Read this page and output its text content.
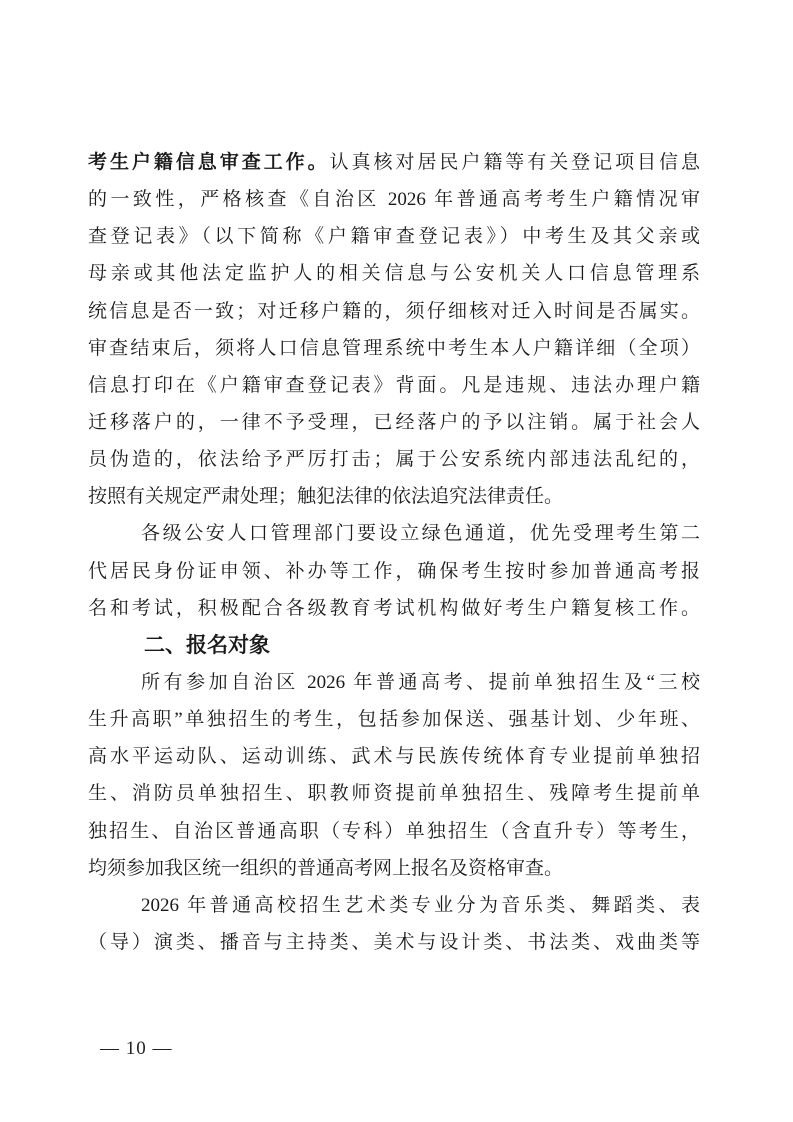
考生户籍信息审查工作。认真核对居民户籍等有关登记项目信息
的一致性，严格核查《自治区 2026 年普通高考考生户籍情况审
查登记表》（以下简称《户籍审查登记表》）中考生及其父亲或
母亲或其他法定监护人的相关信息与公安机关人口信息管理系
统信息是否一致；对迁移户籍的，须仔细核对迁入时间是否属实。
审查结束后，须将人口信息管理系统中考生本人户籍详细（全项）
信息打印在《户籍审查登记表》背面。凡是违规、违法办理户籍
迁移落户的，一律不予受理，已经落户的予以注销。属于社会人
员伪造的，依法给予严厉打击；属于公安系统内部违法乱纪的，
按照有关规定严肃处理；触犯法律的依法追究法律责任。
各级公安人口管理部门要设立绿色通道，优先受理考生第二
代居民身份证申领、补办等工作，确保考生按时参加普通高考报
名和考试，积极配合各级教育考试机构做好考生户籍复核工作。
二、报名对象
所有参加自治区 2026 年普通高考、提前单独招生及“三校
生升高职”单独招生的考生，包括参加保送、强基计划、少年班、
高水平运动队、运动训练、武术与民族传统体育专业提前单独招
生、消防员单独招生、职教师资提前单独招生、残障考生提前单
独招生、自治区普通高职（专科）单独招生（含直升专）等考生，
均须参加我区统一组织的普通高考网上报名及资格审查。
2026 年普通高校招生艺术类专业分为音乐类、舞蹈类、表
（导）演类、播音与主持类、美术与设计类、书法类、戏曲类等
— 10 —
